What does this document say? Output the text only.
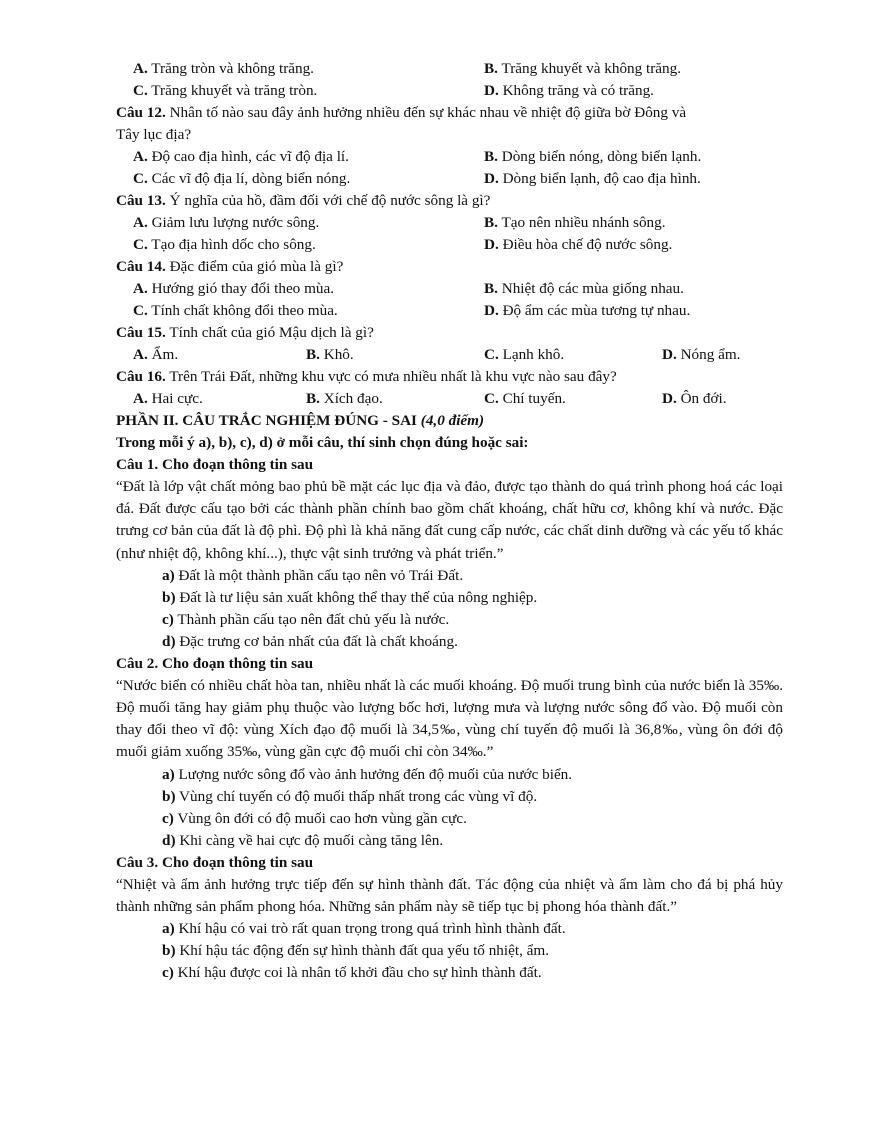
A. Trăng tròn và không trăng.	B. Trăng khuyết và không trăng.
C. Trăng khuyết và trăng tròn.	D. Không trăng và có trăng.
Câu 12. Nhân tố nào sau đây ảnh hưởng nhiều đến sự khác nhau về nhiệt độ giữa bờ Đông và
Tây lục địa?
A. Độ cao địa hình, các vĩ độ địa lí.	B. Dòng biển nóng, dòng biển lạnh.
C. Các vĩ độ địa lí, dòng biển nóng.	D. Dòng biển lạnh, độ cao địa hình.
Câu 13. Ý nghĩa của hồ, đầm đối với chế độ nước sông là gì?
A. Giảm lưu lượng nước sông.	B. Tạo nên nhiều nhánh sông.
C. Tạo địa hình dốc cho sông.	D. Điều hòa chế độ nước sông.
Câu 14. Đặc điểm của gió mùa là gì?
A. Hướng gió thay đổi theo mùa.	B. Nhiệt độ các mùa giống nhau.
C. Tính chất không đổi theo mùa.	D. Độ ẩm các mùa tương tự nhau.
Câu 15. Tính chất của gió Mậu dịch là gì?
A. Ẩm.	B. Khô.	C. Lạnh khô.	D. Nóng ẩm.
Câu 16. Trên Trái Đất, những khu vực có mưa nhiều nhất là khu vực nào sau đây?
A. Hai cực.	B. Xích đạo.	C. Chí tuyến.	D. Ôn đới.
PHẦN II. CÂU TRẮC NGHIỆM ĐÚNG - SAI (4,0 điểm)
Trong mỗi ý a), b), c), d) ở mỗi câu, thí sinh chọn đúng hoặc sai:
Câu 1. Cho đoạn thông tin sau

“Đất là lớp vật chất mỏng bao phủ bề mặt các lục địa và đảo, được tạo thành do quá trình phong hoá các loại đá. Đất được cấu tạo bởi các thành phần chính bao gồm chất khoáng, chất hữu cơ, không khí và nước. Đặc trưng cơ bản của đất là độ phì. Độ phì là khả năng đất cung cấp nước, các chất dinh dưỡng và các yếu tố khác (như nhiệt độ, không khí...), thực vật sinh trưởng và phát triển.”

a) Đất là một thành phần cấu tạo nên vỏ Trái Đất.
b) Đất là tư liệu sản xuất không thể thay thế của nông nghiệp.
c) Thành phần cấu tạo nên đất chủ yếu là nước.
d) Đặc trưng cơ bản nhất của đất là chất khoáng.
Câu 2. Cho đoạn thông tin sau

“Nước biển có nhiều chất hòa tan, nhiều nhất là các muối khoáng. Độ muối trung bình của nước biển là 35‰. Độ muối tăng hay giảm phụ thuộc vào lượng bốc hơi, lượng mưa và lượng nước sông đổ vào. Độ muối còn thay đổi theo vĩ độ: vùng Xích đạo độ muối là 34,5‰, vùng chí tuyến độ muối là 36,8‰, vùng ôn đới độ muối giảm xuống 35‰, vùng gần cực độ muối chỉ còn 34‰.”

a) Lượng nước sông đổ vào ảnh hưởng đến độ muối của nước biển.
b) Vùng chí tuyến có độ muối thấp nhất trong các vùng vĩ độ.
c) Vùng ôn đới có độ muối cao hơn vùng gần cực.
d) Khi càng về hai cực độ muối càng tăng lên.
Câu 3. Cho đoạn thông tin sau

“Nhiệt và ẩm ảnh hưởng trực tiếp đến sự hình thành đất. Tác động của nhiệt và ẩm làm cho đá bị phá hủy thành những sản phẩm phong hóa. Những sản phẩm này sẽ tiếp tục bị phong hóa thành đất.”

a) Khí hậu có vai trò rất quan trọng trong quá trình hình thành đất.
b) Khí hậu tác động đến sự hình thành đất qua yếu tố nhiệt, ẩm.
c) Khí hậu được coi là nhân tố khởi đầu cho sự hình thành đất.
